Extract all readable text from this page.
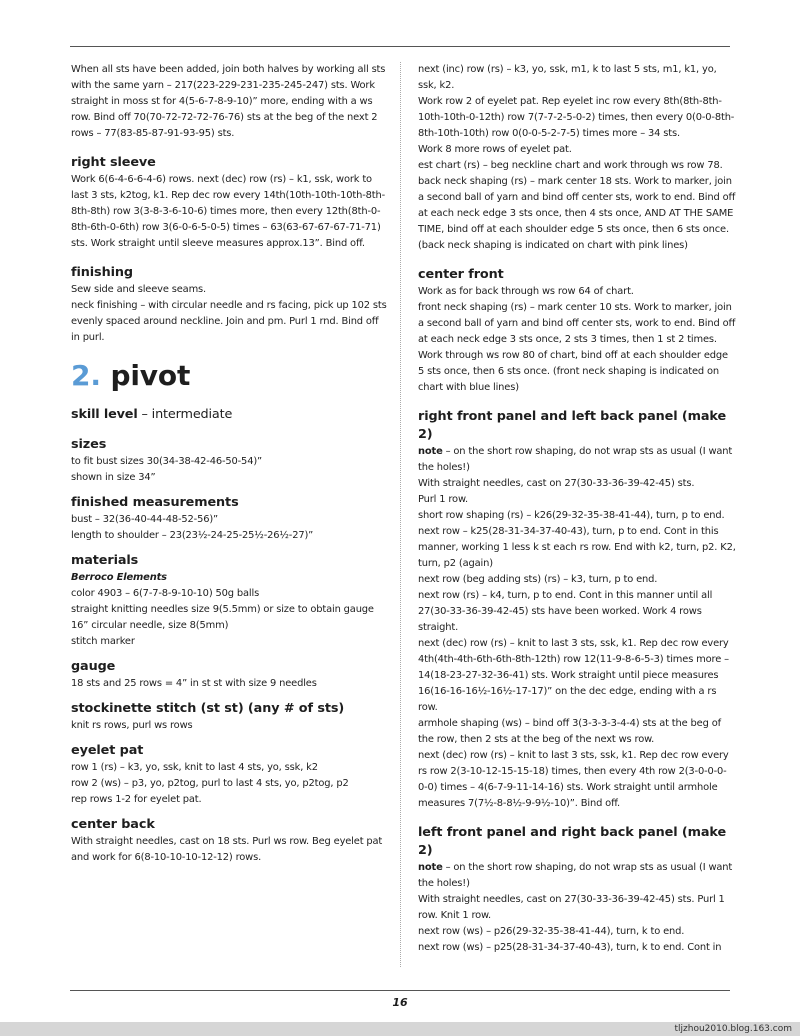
When all sts have been added, join both halves by working all sts with the same yarn – 217(223-229-231-235-245-247) sts. Work straight in moss st for 4(5-6-7-8-9-10)” more, ending with a ws row. Bind off 70(70-72-72-72-76-76) sts at the beg of the next 2 rows – 77(83-85-87-91-93-95) sts.

right sleeve

Work 6(6-4-6-6-4-6) rows. next (dec) row (rs) – k1, ssk, work to last 3 sts, k2tog, k1. Rep dec row every 14th(10th-10th-10th-8th-8th-8th) row 3(3-8-3-6-10-6) times more, then every 12th(8th-0-8th-6th-0-6th) row 3(6-0-6-5-0-5) times – 63(63-67-67-67-71-71) sts. Work straight until sleeve measures approx.13”. Bind off.

finishing

Sew side and sleeve seams.

neck finishing – with circular needle and rs facing, pick up 102 sts evenly spaced around neckline. Join and pm. Purl 1 rnd. Bind off in purl.

2. pivot

skill level – intermediate

sizes

to fit bust sizes 30(34-38-42-46-50-54)”

shown in size 34”

finished measurements

bust – 32(36-40-44-48-52-56)”

length to shoulder – 23(23½-24-25-25½-26½-27)”

materials

Berroco Elements

color 4903 – 6(7-7-8-9-10-10) 50g balls

straight knitting needles size 9(5.5mm) or size to obtain gauge

16” circular needle, size 8(5mm)

stitch marker

gauge

18 sts and 25 rows = 4” in st st with size 9 needles

stockinette stitch (st st) (any # of sts)

knit rs rows, purl ws rows

eyelet pat

row 1 (rs) – k3, yo, ssk, knit to last 4 sts, yo, ssk, k2

row 2 (ws) – p3, yo, p2tog, purl to last 4 sts, yo, p2tog, p2

rep rows 1-2 for eyelet pat.

center back

With straight needles, cast on 18 sts. Purl ws row. Beg eyelet pat and work for 6(8-10-10-10-12-12) rows.

next (inc) row (rs) – k3, yo, ssk, m1, k to last 5 sts, m1, k1, yo, ssk, k2.

Work row 2 of eyelet pat. Rep eyelet inc row every 8th(8th-8th-10th-10th-0-12th) row 7(7-7-2-5-0-2) times, then every 0(0-0-8th-8th-10th-10th) row 0(0-0-5-2-7-5) times more – 34 sts.

Work 8 more rows of eyelet pat.

est chart (rs) – beg neckline chart and work through ws row 78.

back neck shaping (rs) – mark center 18 sts. Work to marker, join a second ball of yarn and bind off center sts, work to end. Bind off at each neck edge 3 sts once, then 4 sts once, AND AT THE SAME TIME, bind off at each shoulder edge 5 sts once, then 6 sts once. (back neck shaping is indicated on chart with pink lines)

center front

Work as for back through ws row 64 of chart.

front neck shaping (rs) – mark center 10 sts. Work to marker, join a second ball of yarn and bind off center sts, work to end. Bind off at each neck edge 3 sts once, 2 sts 3 times, then 1 st 2 times. Work through ws row 80 of chart, bind off at each shoulder edge 5 sts once, then 6 sts once. (front neck shaping is indicated on chart with blue lines)

right front panel and left back panel (make 2)

note – on the short row shaping, do not wrap sts as usual (I want the holes!)

With straight needles, cast on 27(30-33-36-39-42-45) sts.

Purl 1 row.

short row shaping (rs) – k26(29-32-35-38-41-44), turn, p to end.

next row – k25(28-31-34-37-40-43), turn, p to end. Cont in this manner, working 1 less k st each rs row. End with k2, turn, p2. K2, turn, p2 (again)

next row (beg adding sts) (rs) – k3, turn, p to end.

next row (rs) – k4, turn, p to end. Cont in this manner until all 27(30-33-36-39-42-45) sts have been worked. Work 4 rows straight.

next (dec) row (rs) – knit to last 3 sts, ssk, k1. Rep dec row every 4th(4th-4th-6th-6th-8th-12th) row 12(11-9-8-6-5-3) times more – 14(18-23-27-32-36-41) sts. Work straight until piece measures 16(16-16-16½-16½-17-17)” on the dec edge, ending with a rs row.

armhole shaping (ws) – bind off 3(3-3-3-3-4-4) sts at the beg of the row, then 2 sts at the beg of the next ws row.

next (dec) row (rs) – knit to last 3 sts, ssk, k1. Rep dec row every rs row 2(3-10-12-15-15-18) times, then every 4th row 2(3-0-0-0-0-0) times – 4(6-7-9-11-14-16) sts. Work straight until armhole measures 7(7½-8-8½-9-9½-10)”. Bind off.

left front panel and right back panel (make 2)

note – on the short row shaping, do not wrap sts as usual (I want the holes!)

With straight needles, cast on 27(30-33-36-39-42-45) sts. Purl 1 row. Knit 1 row.

next row (ws) – p26(29-32-35-38-41-44), turn, k to end.

next row (ws) – p25(28-31-34-37-40-43), turn, k to end. Cont in

16
tljzhou2010.blog.163.com
